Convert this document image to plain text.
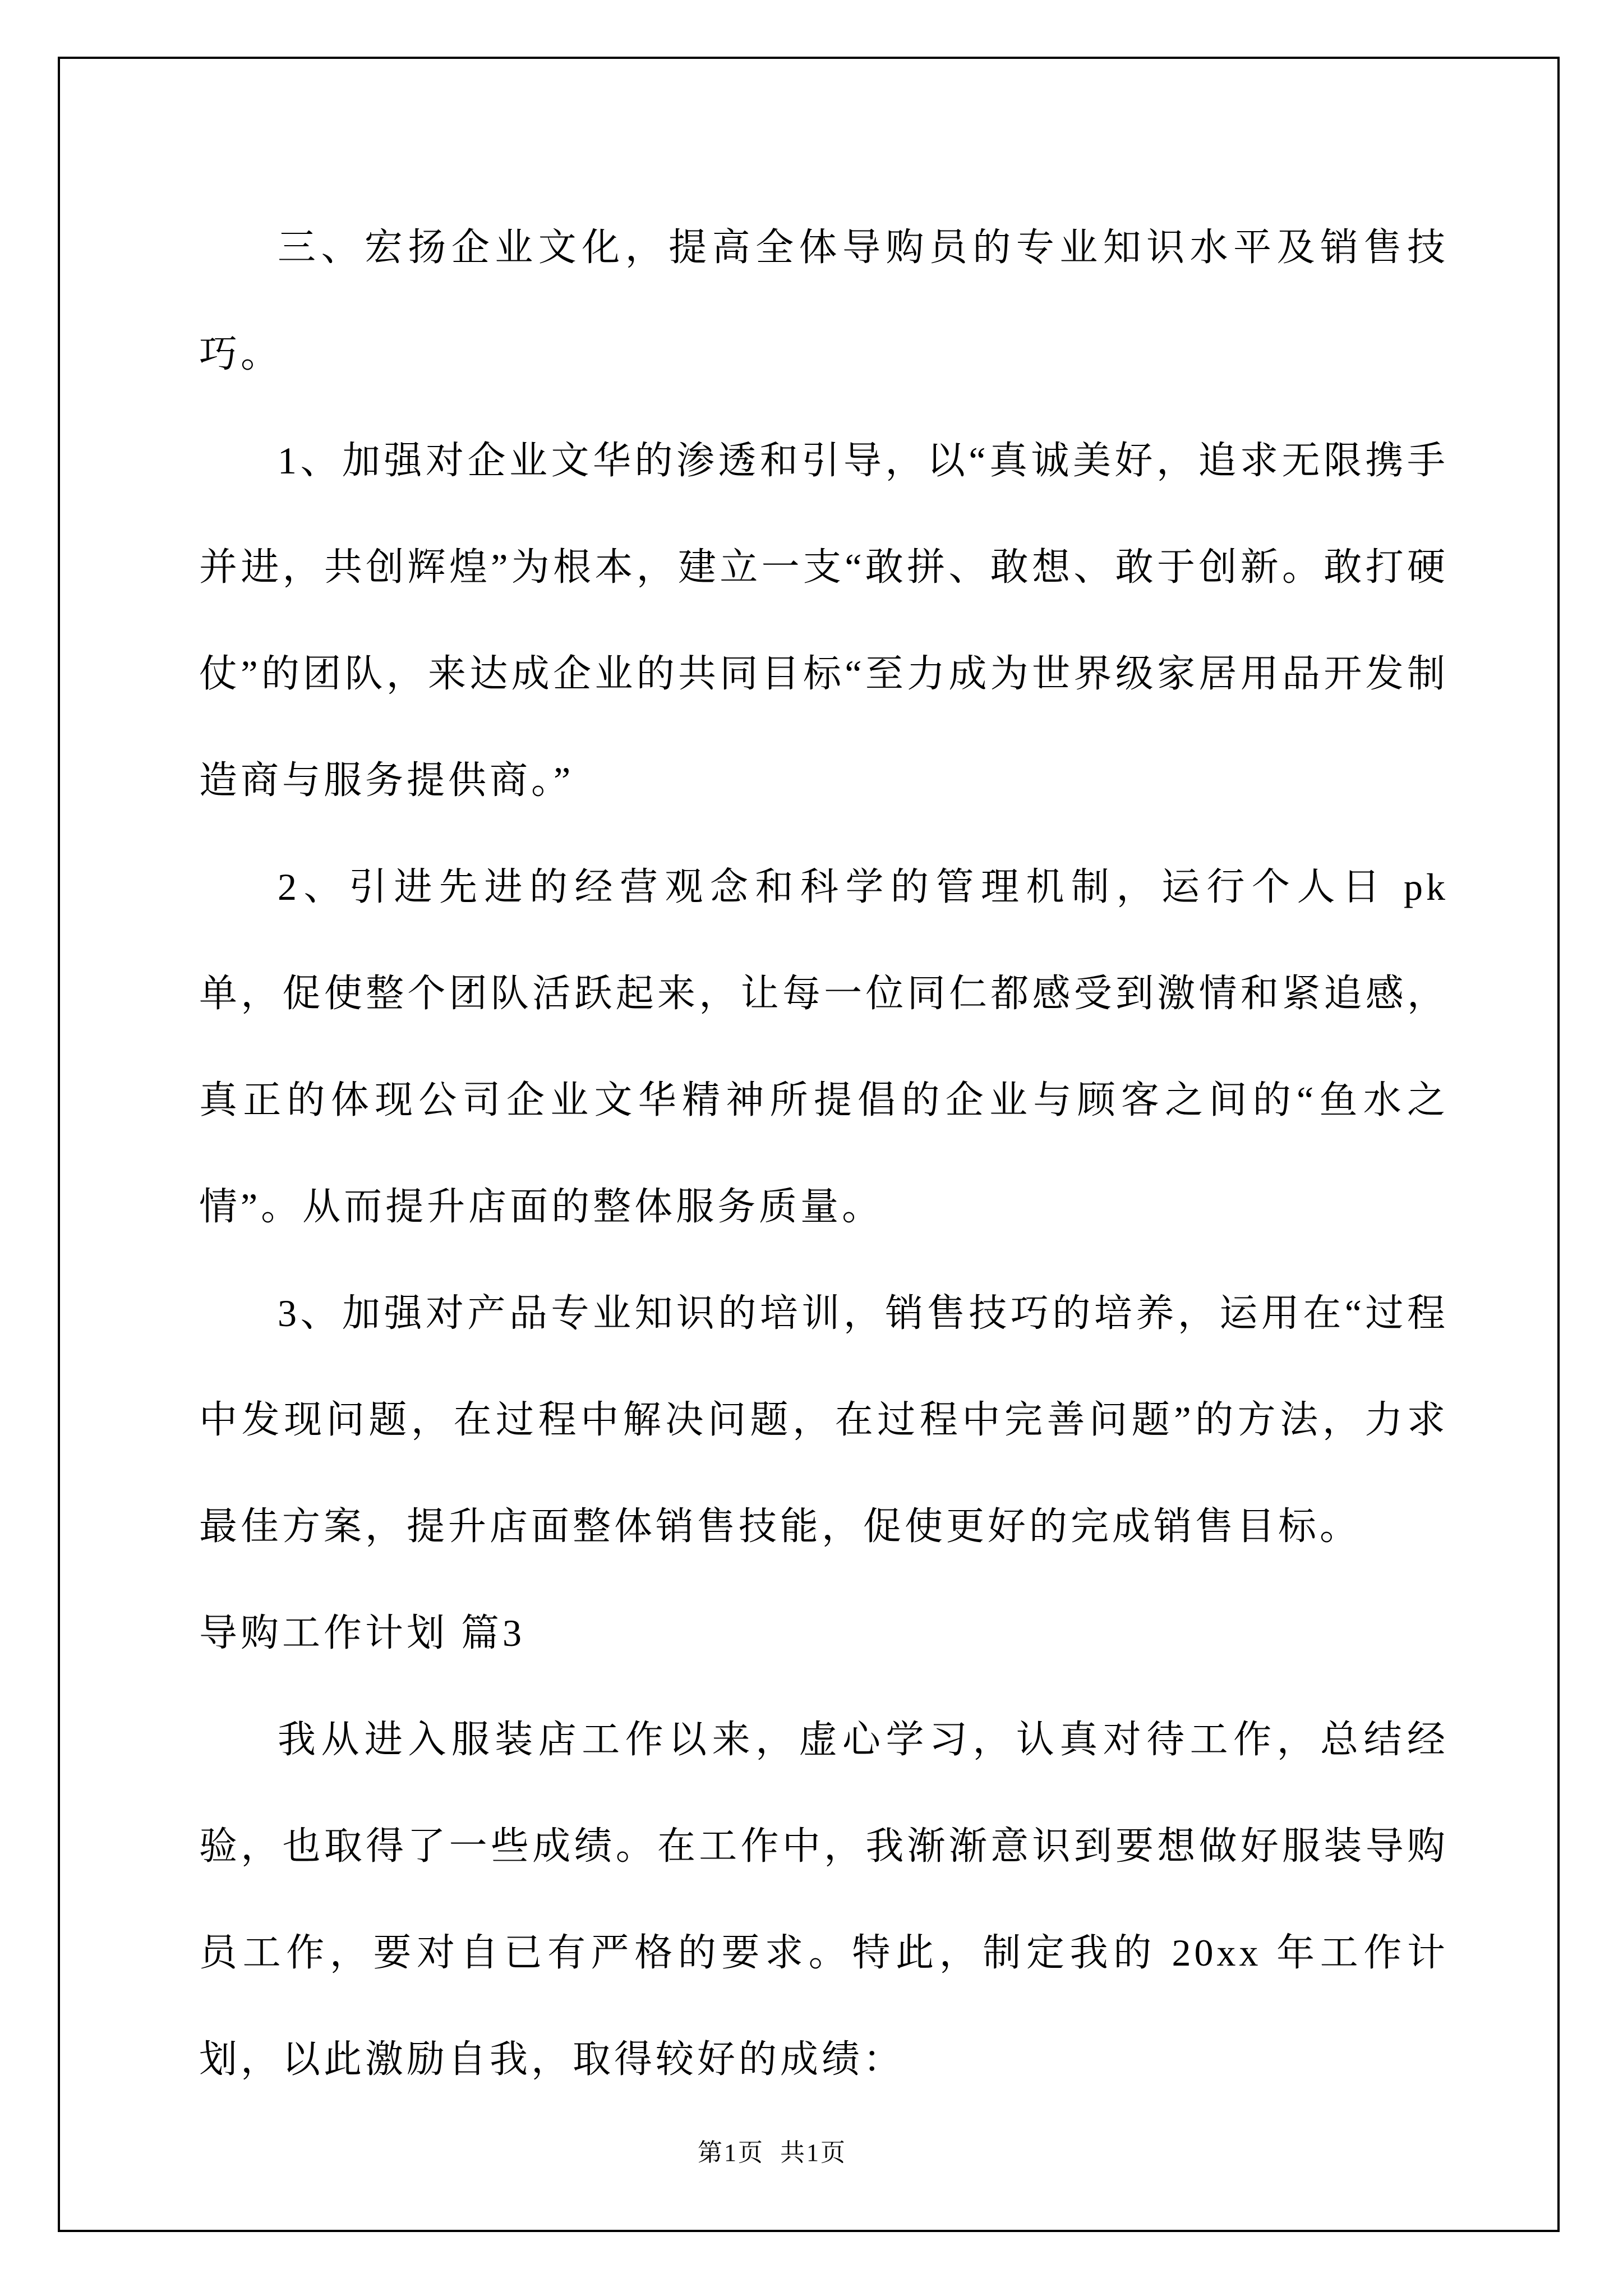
三、宏扬企业文化，提高全体导购员的专业知识水平及销售技巧。

1、加强对企业文华的渗透和引导，以“真诚美好，追求无限携手并进，共创辉煌”为根本，建立一支“敢拼、敢想、敢于创新。敢打硬仗”的团队，来达成企业的共同目标“至力成为世界级家居用品开发制造商与服务提供商。”

2、引进先进的经营观念和科学的管理机制，运行个人日 pk 单，促使整个团队活跃起来，让每一位同仁都感受到激情和紧追感，真正的体现公司企业文华精神所提倡的企业与顾客之间的“鱼水之情”。从而提升店面的整体服务质量。

3、加强对产品专业知识的培训，销售技巧的培养，运用在“过程中发现问题，在过程中解决问题，在过程中完善问题”的方法，力求最佳方案，提升店面整体销售技能，促使更好的完成销售目标。

导购工作计划 篇3

我从进入服装店工作以来，虚心学习，认真对待工作，总结经验，也取得了一些成绩。在工作中，我渐渐意识到要想做好服装导购员工作，要对自已有严格的要求。特此，制定我的 20xx 年工作计划，以此激励自我，取得较好的成绩：

第1页  共1页
